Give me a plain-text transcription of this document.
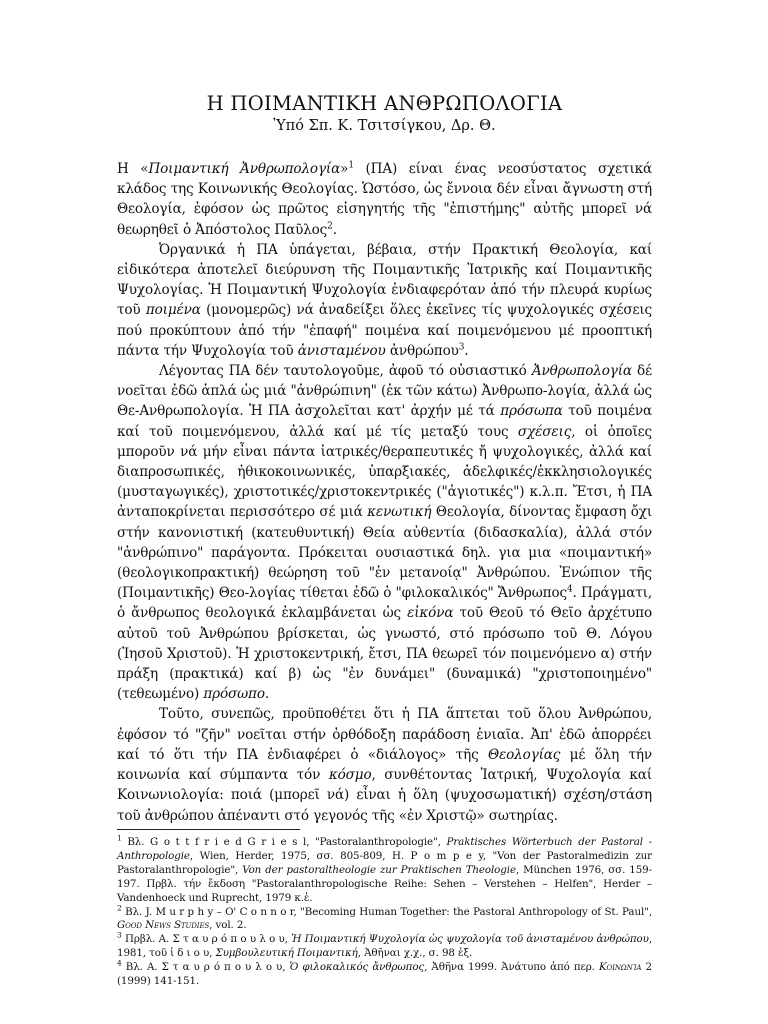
Η ΠΟΙΜΑΝΤΙΚΗ ΑΝΘΡΩΠΟΛΟΓΙΑ
Ὑπό Σπ. Κ. Τσιτσίγκου, Δρ. Θ.

Η «Ποιμαντική Ἀνθρωπολογία»$^1$ (ΠΑ) είναι ένας νεοσύστατος σχετικά κλάδος της Κοινωνικής Θεολογίας. Ὡστόσο, ὡς ἔννοια δέν εἶναι ἄγνωστη στή Θεολογία, ἐφόσον ὡς πρῶτος εἰσηγητής τῆς "ἐπιστήμης" αὐτῆς μπορεῖ νά θεωρηθεῖ ὁ Ἀπόστολος Παῦλος$^2$.

Ὀργανικά ἡ ΠΑ ὑπάγεται, βέβαια, στήν Πρακτική Θεολογία, καί εἰδικότερα ἀποτελεῖ διεύρυνση τῆς Ποιμαντικῆς Ἰατρικῆς καί Ποιμαντικῆς Ψυχολογίας. Ἡ Ποιμαντική Ψυχολογία ἐνδιαφερόταν ἀπό τήν πλευρά κυρίως τοῦ ποιμένα (μονομερῶς) νά ἀναδείξει ὅλες ἐκεῖνες τίς ψυχολογικές σχέσεις πού προκύπτουν ἀπό τήν "ἐπαφή" ποιμένα καί ποιμενόμενου μέ προοπτική πάντα τήν Ψυχολογία τοῦ ἀνισταμένου ἀνθρώπου$^3$.

Λέγοντας ΠΑ δέν ταυτολογοῦμε, ἀφοῦ τό οὐσιαστικό Ἀνθρωπολογία δέ νοεῖται ἐδῶ ἁπλά ὡς μιά "ἀνθρώπινη" (ἐκ τῶν κάτω) Ἀνθρωπο-λογία, ἀλλά ὡς Θε-Ανθρωπολογία. Ἡ ΠΑ ἀσχολεῖται κατ' ἀρχήν μέ τά πρόσωπα τοῦ ποιμένα καί τοῦ ποιμενόμενου, ἀλλά καί μέ τίς μεταξύ τους σχέσεις, οἱ ὁποῖες μποροῦν νά μήν εἶναι πάντα ἰατρικές/θεραπευτικές ἤ ψυχολογικές, ἀλλά καί διαπροσωπικές, ἠθικοκοινωνικές, ὑπαρξιακές, ἀδελφικές/ἐκκλησιολογικές (μυσταγωγικές), χριστοτικές/χριστοκεντρικές ("ἁγιοτικές") κ.λ.π. Ἔτσι, ἡ ΠΑ ἀνταποκρίνεται περισσότερο σέ μιά κενωτική Θεολογία, δίνοντας ἔμφαση ὄχι στήν κανονιστική (κατευθυντική) Θεία αὐθεντία (διδασκαλία), ἀλλά στόν "ἀνθρώπινο" παράγοντα. Πρόκειται ουσιαστικά δηλ. για μια «ποιμαντική» (θεολογικοπρακτική) θεώρηση τοῦ "ἐν μετανοίᾳ" Ἀνθρώπου. Ἐνώπιον τῆς (Ποιμαντικῆς) Θεο-λογίας τίθεται ἐδῶ ὁ "φιλοκαλικός" Ἄνθρωπος$^4$. Πράγματι, ὁ ἄνθρωπος θεολογικά ἐκλαμβάνεται ὡς εἰκόνα τοῦ Θεοῦ τό Θεῖο ἀρχέτυπο αὐτοῦ τοῦ Ἀνθρώπου βρίσκεται, ὡς γνωστό, στό πρόσωπο τοῦ Θ. Λόγου (Ἰησοῦ Χριστοῦ). Ἡ χριστοκεντρική, ἔτσι, ΠΑ θεωρεῖ τόν ποιμενόμενο α) στήν πράξη (πρακτικά) καί β) ὡς "ἐν δυνάμει" (δυναμικά) "χριστοποιημένο" (τεθεωμένο) πρόσωπο.

Τοῦτο, συνεπῶς, προϋποθέτει ὅτι ἡ ΠΑ ἅπτεται τοῦ ὅλου Ἀνθρώπου, ἐφόσον τό "ζῆν" νοεῖται στήν ὀρθόδοξη παράδοση ἑνιαῖα. Ἀπ' ἐδῶ ἀπορρέει καί τό ὅτι τήν ΠΑ ἐνδιαφέρει ὁ «διάλογος» τῆς Θεολογίας μέ ὅλη τήν κοινωνία καί σύμπαντα τόν κόσμο, συνθέτοντας Ἰατρική, Ψυχολογία καί Κοινωνιολογία: ποιά (μπορεῖ νά) εἶναι ἡ ὅλη (ψυχοσωματική) σχέση/στάση τοῦ ἀνθρώπου ἀπέναντι στό γεγονός τῆς «ἐν Χριστῷ» σωτηρίας.

$^1$ Βλ. G o t t f r i e d G r i e s l, "Pastoralanthropologie", Praktisches Wörterbuch der Pastoral - Anthropologie, Wien, Herder, 1975, σσ. 805-809, H. P o m p e y, "Von der Pastoralmedizin zur Pastoralanthropologie", Von der pastoraltheologie zur Praktischen Theologie, München 1976, σσ. 159-197. Πρβλ. τήν ἔκδοση "Pastoralanthropologische Reihe: Sehen – Verstehen – Helfen", Herder – Vandenhoeck und Ruprecht, 1979 κ.ἑ.

$^2$ Βλ. J. M u r p h y – O' C o n n o r, "Becoming Human Together: the Pastoral Anthropology of St. Paul", Good News Studies, vol. 2.

$^3$ Πρβλ. Α. Σ τ α υ ρ ό π ο υ λ ο υ, Ἡ Ποιμαντική Ψυχολογία ὡς ψυχολογία τοῦ ἀνισταμένου ἀνθρώπου, 1981, τοῦ ἰ δ ι ο υ, Συμβουλευτική Ποιμαντική, Ἀθῆναι χ.χ., σ. 98 ἑξ.

$^4$ Βλ. Α. Σ τ α υ ρ ό π ο υ λ ο υ, Ὁ φιλοκαλικός ἄνθρωπος, Ἀθῆνα 1999. Ἀνάτυπο ἀπό περ. Κοινωνία 2 (1999) 141-151.
